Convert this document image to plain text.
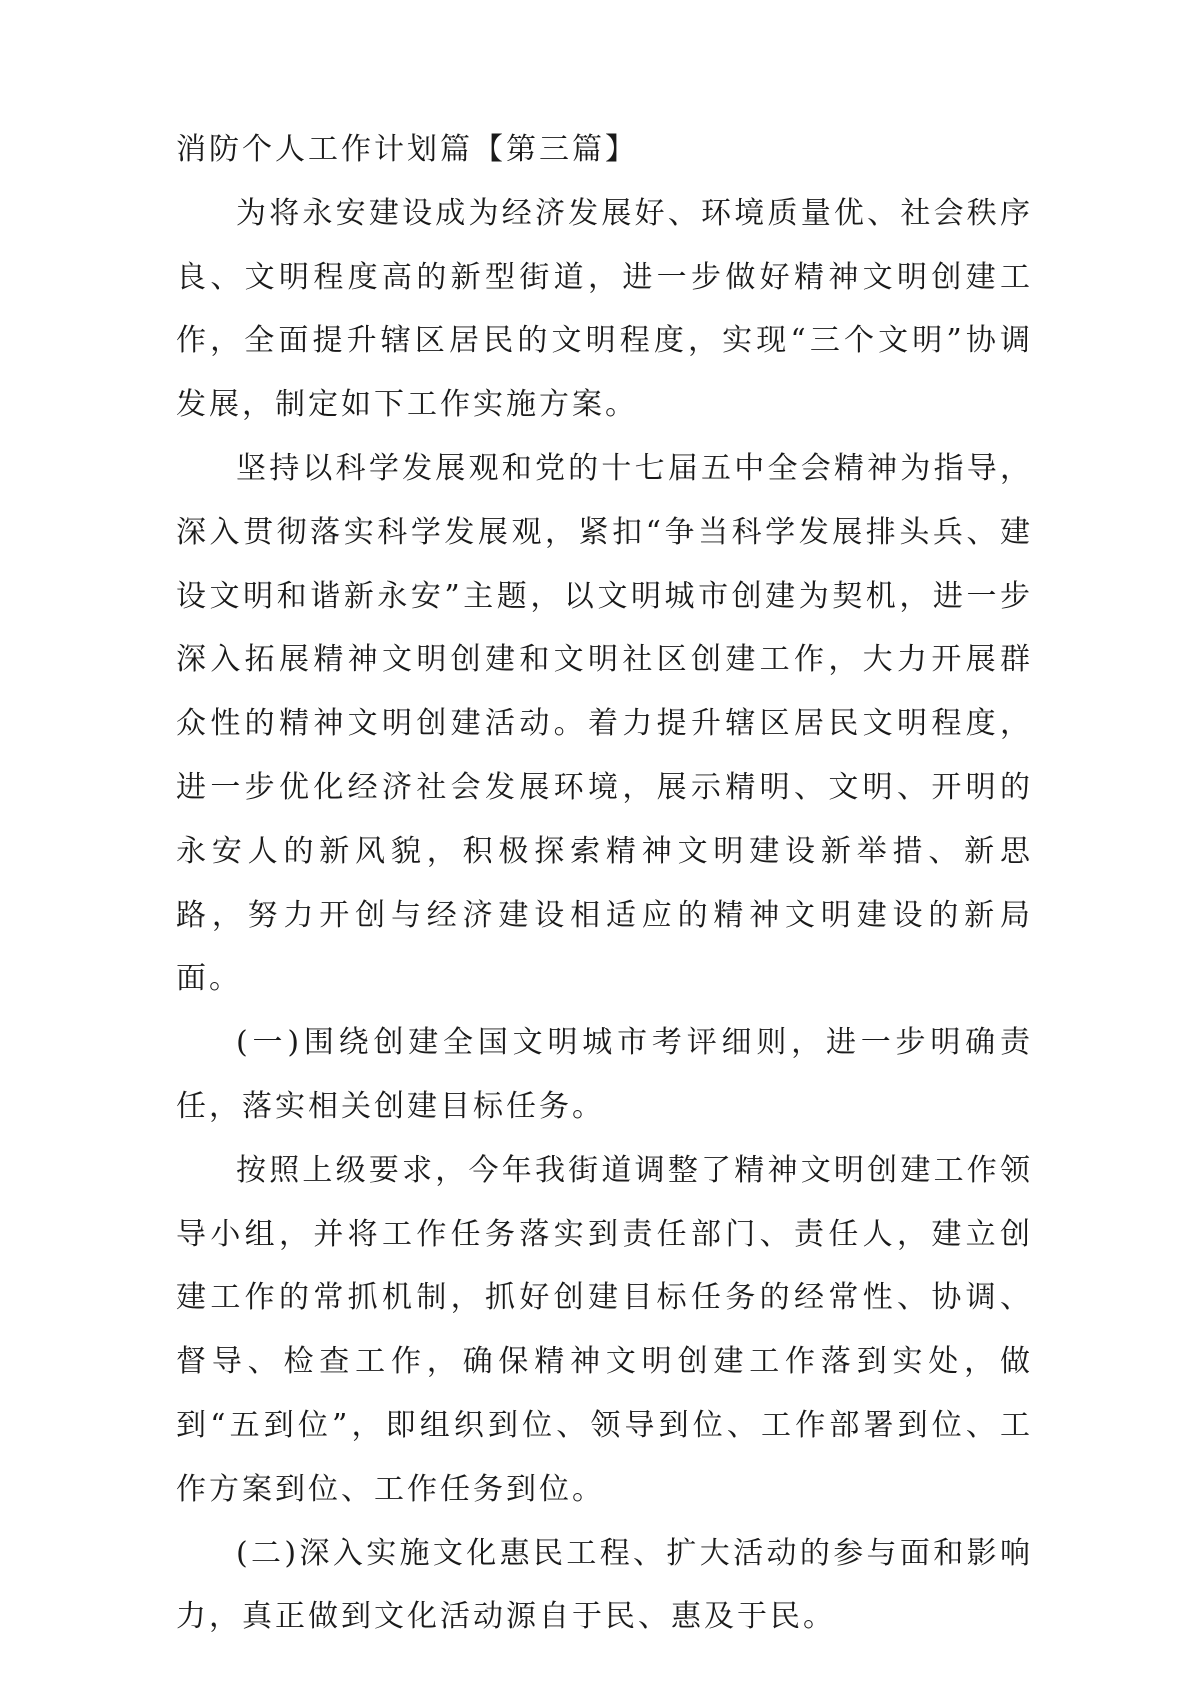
消防个人工作计划篇【第三篇】

为将永安建设成为经济发展好、环境质量优、社会秩序良、文明程度高的新型街道，进一步做好精神文明创建工作，全面提升辖区居民的文明程度，实现“三个文明”协调发展，制定如下工作实施方案。

坚持以科学发展观和党的十七届五中全会精神为指导，深入贯彻落实科学发展观，紧扣“争当科学发展排头兵、建设文明和谐新永安”主题，以文明城市创建为契机，进一步深入拓展精神文明创建和文明社区创建工作，大力开展群众性的精神文明创建活动。着力提升辖区居民文明程度，进一步优化经济社会发展环境，展示精明、文明、开明的永安人的新风貌，积极探索精神文明建设新举措、新思路，努力开创与经济建设相适应的精神文明建设的新局面。

(一)围绕创建全国文明城市考评细则，进一步明确责任，落实相关创建目标任务。

按照上级要求，今年我街道调整了精神文明创建工作领导小组，并将工作任务落实到责任部门、责任人，建立创建工作的常抓机制，抓好创建目标任务的经常性、协调、督导、检查工作，确保精神文明创建工作落到实处，做到“五到位”，即组织到位、领导到位、工作部署到位、工作方案到位、工作任务到位。

(二)深入实施文化惠民工程、扩大活动的参与面和影响力，真正做到文化活动源自于民、惠及于民。
